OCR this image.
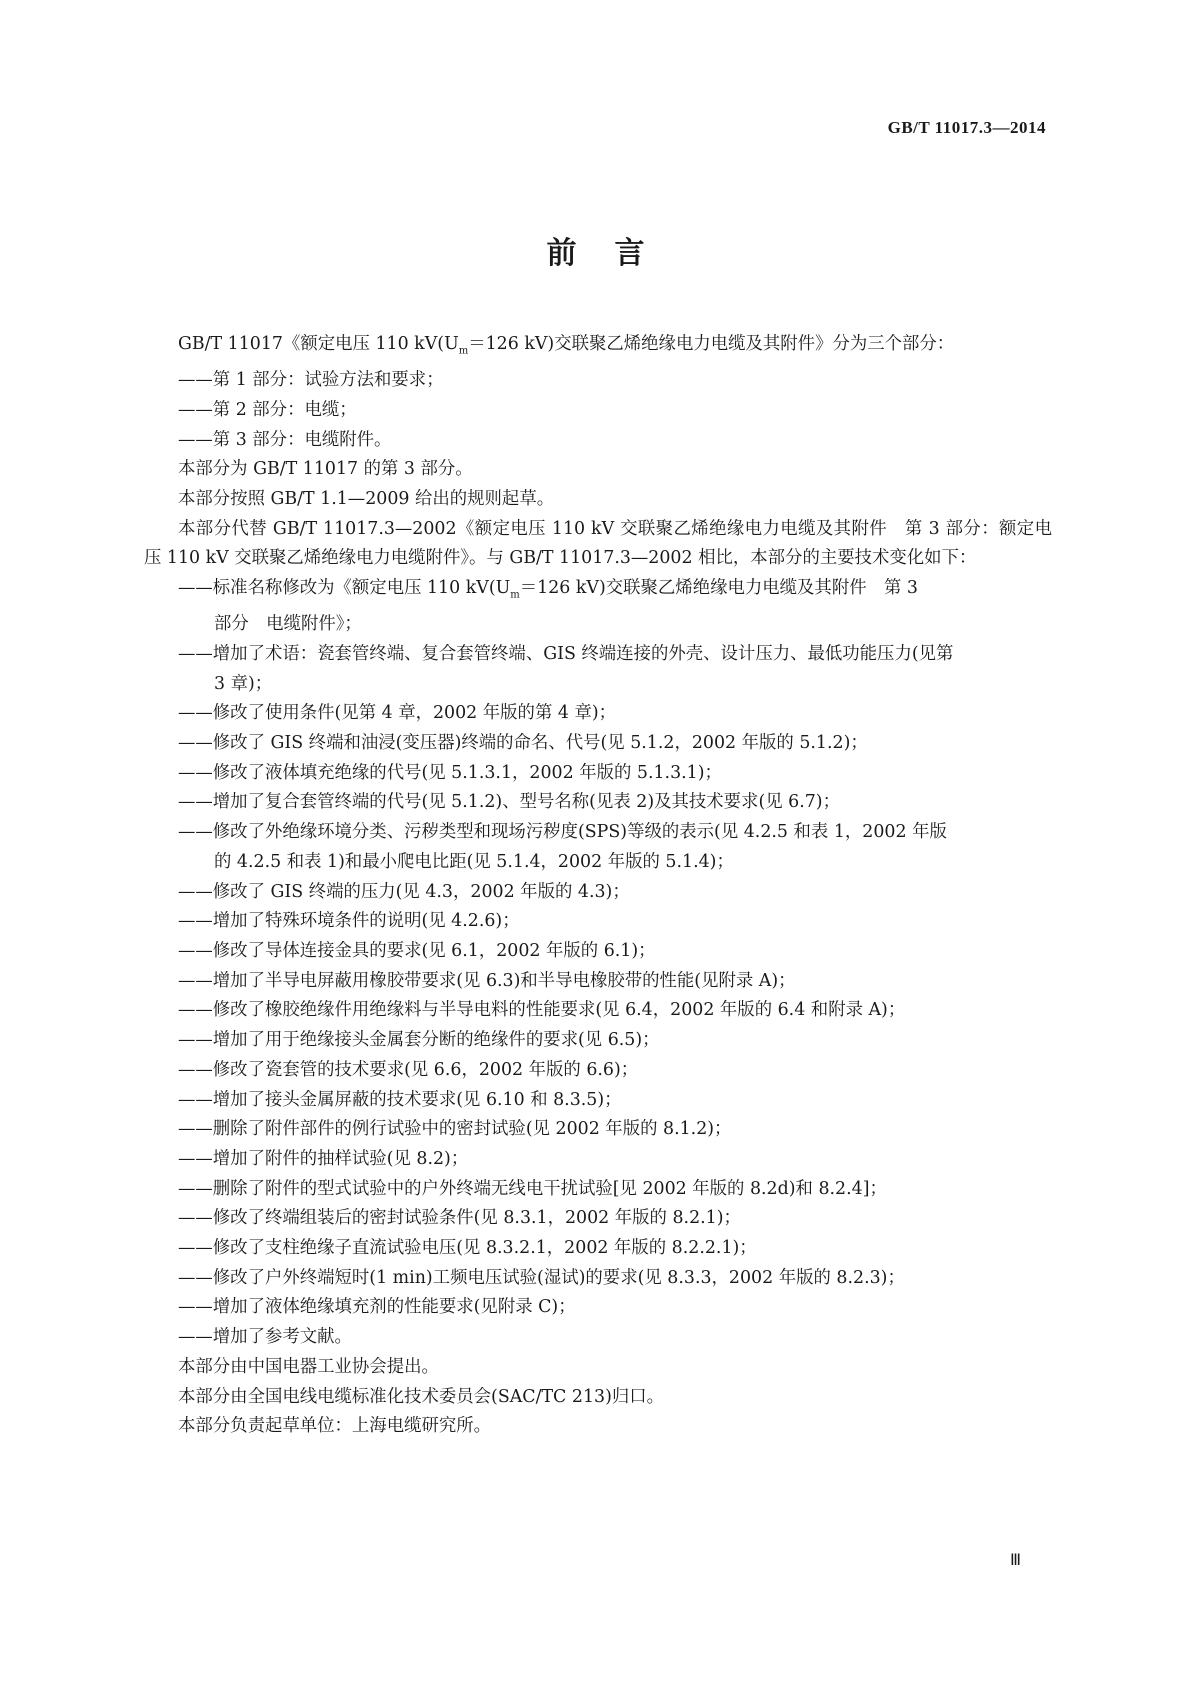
GB/T 11017.3—2014
前言
GB/T 11017《额定电压 110 $kV(U_m=126$ kV)交联聚乙烯绝缘电力电缆及其附件》分为三个部分：
——第 1 部分：试验方法和要求；
——第 2 部分：电缆；
——第 3 部分：电缆附件。
本部分为 GB/T 11017 的第 3 部分。
本部分按照 GB/T 1.1—2009 给出的规则起草。
本部分代替 GB/T 11017.3—2002《额定电压 110 kV 交联聚乙烯绝缘电力电缆及其附件　第 3 部分：额定电压 110 kV 交联聚乙烯绝缘电力电缆附件》。与 GB/T 11017.3—2002 相比，本部分的主要技术变化如下：
——标准名称修改为《额定电压 110 $kV(U_m=126$ kV)交联聚乙烯绝缘电力电缆及其附件　第 3
部分　电缆附件》；
——增加了术语：瓷套管终端、复合套管终端、GIS 终端连接的外壳、设计压力、最低功能压力(见第
3 章)；
——修改了使用条件(见第 4 章，2002 年版的第 4 章)；
——修改了 GIS 终端和油浸(变压器)终端的命名、代号(见 5.1.2，2002 年版的 5.1.2)；
——修改了液体填充绝缘的代号(见 5.1.3.1，2002 年版的 5.1.3.1)；
——增加了复合套管终端的代号(见 5.1.2)、型号名称(见表 2)及其技术要求(见 6.7)；
——修改了外绝缘环境分类、污秽类型和现场污秽度(SPS)等级的表示(见 4.2.5 和表 1，2002 年版
的 4.2.5 和表 1)和最小爬电比距(见 5.1.4，2002 年版的 5.1.4)；
——修改了 GIS 终端的压力(见 4.3，2002 年版的 4.3)；
——增加了特殊环境条件的说明(见 4.2.6)；
——修改了导体连接金具的要求(见 6.1，2002 年版的 6.1)；
——增加了半导电屏蔽用橡胶带要求(见 6.3)和半导电橡胶带的性能(见附录 A)；
——修改了橡胶绝缘件用绝缘料与半导电料的性能要求(见 6.4，2002 年版的 6.4 和附录 A)；
——增加了用于绝缘接头金属套分断的绝缘件的要求(见 6.5)；
——修改了瓷套管的技术要求(见 6.6，2002 年版的 6.6)；
——增加了接头金属屏蔽的技术要求(见 6.10 和 8.3.5)；
——删除了附件部件的例行试验中的密封试验(见 2002 年版的 8.1.2)；
——增加了附件的抽样试验(见 8.2)；
——删除了附件的型式试验中的户外终端无线电干扰试验[见 2002 年版的 8.2d)和 8.2.4]；
——修改了终端组装后的密封试验条件(见 8.3.1，2002 年版的 8.2.1)；
——修改了支柱绝缘子直流试验电压(见 8.3.2.1，2002 年版的 8.2.2.1)；
——修改了户外终端短时(1 min)工频电压试验(湿试)的要求(见 8.3.3，2002 年版的 8.2.3)；
——增加了液体绝缘填充剂的性能要求(见附录 C)；
——增加了参考文献。
本部分由中国电器工业协会提出。
本部分由全国电线电缆标准化技术委员会(SAC/TC 213)归口。
本部分负责起草单位：上海电缆研究所。
Ⅲ
